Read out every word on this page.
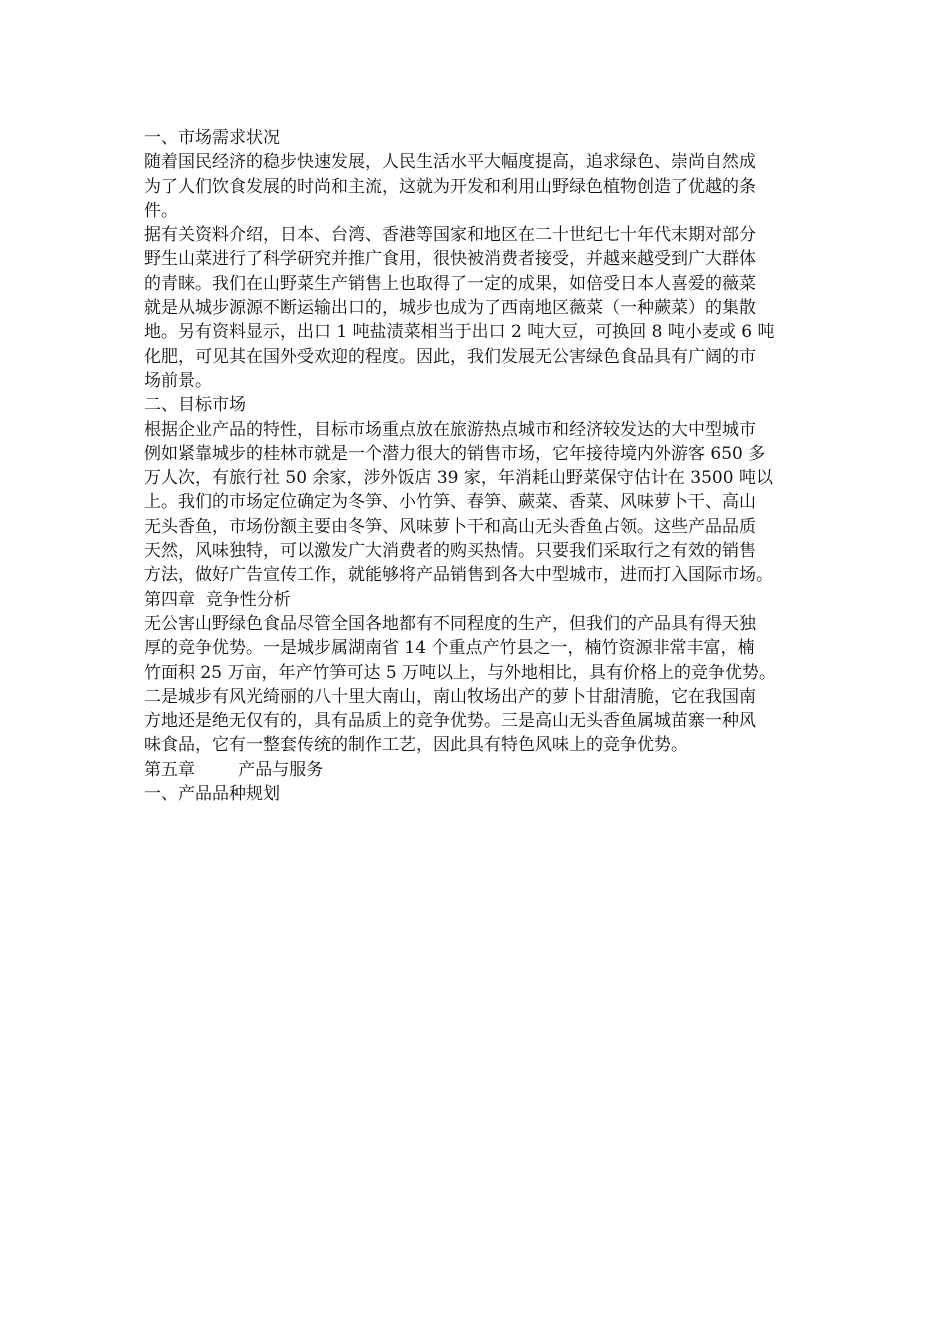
一、市场需求状况
随着国民经济的稳步快速发展，人民生活水平大幅度提高，追求绿色、崇尚自然成
为了人们饮食发展的时尚和主流，这就为开发和利用山野绿色植物创造了优越的条
件。
据有关资料介绍，日本、台湾、香港等国家和地区在二十世纪七十年代末期对部分
野生山菜进行了科学研究并推广食用，很快被消费者接受，并越来越受到广大群体
的青睐。我们在山野菜生产销售上也取得了一定的成果，如倍受日本人喜爱的薇菜
就是从城步源源不断运输出口的，城步也成为了西南地区薇菜（一种蕨菜）的集散
地。另有资料显示，出口 1 吨盐渍菜相当于出口 2 吨大豆，可换回 8 吨小麦或 6 吨
化肥，可见其在国外受欢迎的程度。因此，我们发展无公害绿色食品具有广阔的市
场前景。
二、目标市场
根据企业产品的特性，目标市场重点放在旅游热点城市和经济较发达的大中型城市
例如紧靠城步的桂林市就是一个潜力很大的销售市场，它年接待境内外游客 650 多
万人次，有旅行社 50 余家，涉外饭店 39 家，年消耗山野菜保守估计在 3500 吨以
上。我们的市场定位确定为冬笋、小竹笋、春笋、蕨菜、香菜、风味萝卜干、高山
无头香鱼，市场份额主要由冬笋、风味萝卜干和高山无头香鱼占领。这些产品品质
天然，风味独特，可以激发广大消费者的购买热情。只要我们采取行之有效的销售
方法，做好广告宣传工作，就能够将产品销售到各大中型城市，进而打入国际市场。
第四章  竞争性分析
无公害山野绿色食品尽管全国各地都有不同程度的生产，但我们的产品具有得天独
厚的竞争优势。一是城步属湖南省 14 个重点产竹县之一，楠竹资源非常丰富，楠
竹面积 25 万亩，年产竹笋可达 5 万吨以上，与外地相比，具有价格上的竞争优势。
二是城步有风光绮丽的八十里大南山，南山牧场出产的萝卜甘甜清脆，它在我国南
方地还是绝无仅有的，具有品质上的竞争优势。三是高山无头香鱼属城苗寨一种风
味食品，它有一整套传统的制作工艺，因此具有特色风味上的竞争优势。
第五章        产品与服务
一、产品品种规划
